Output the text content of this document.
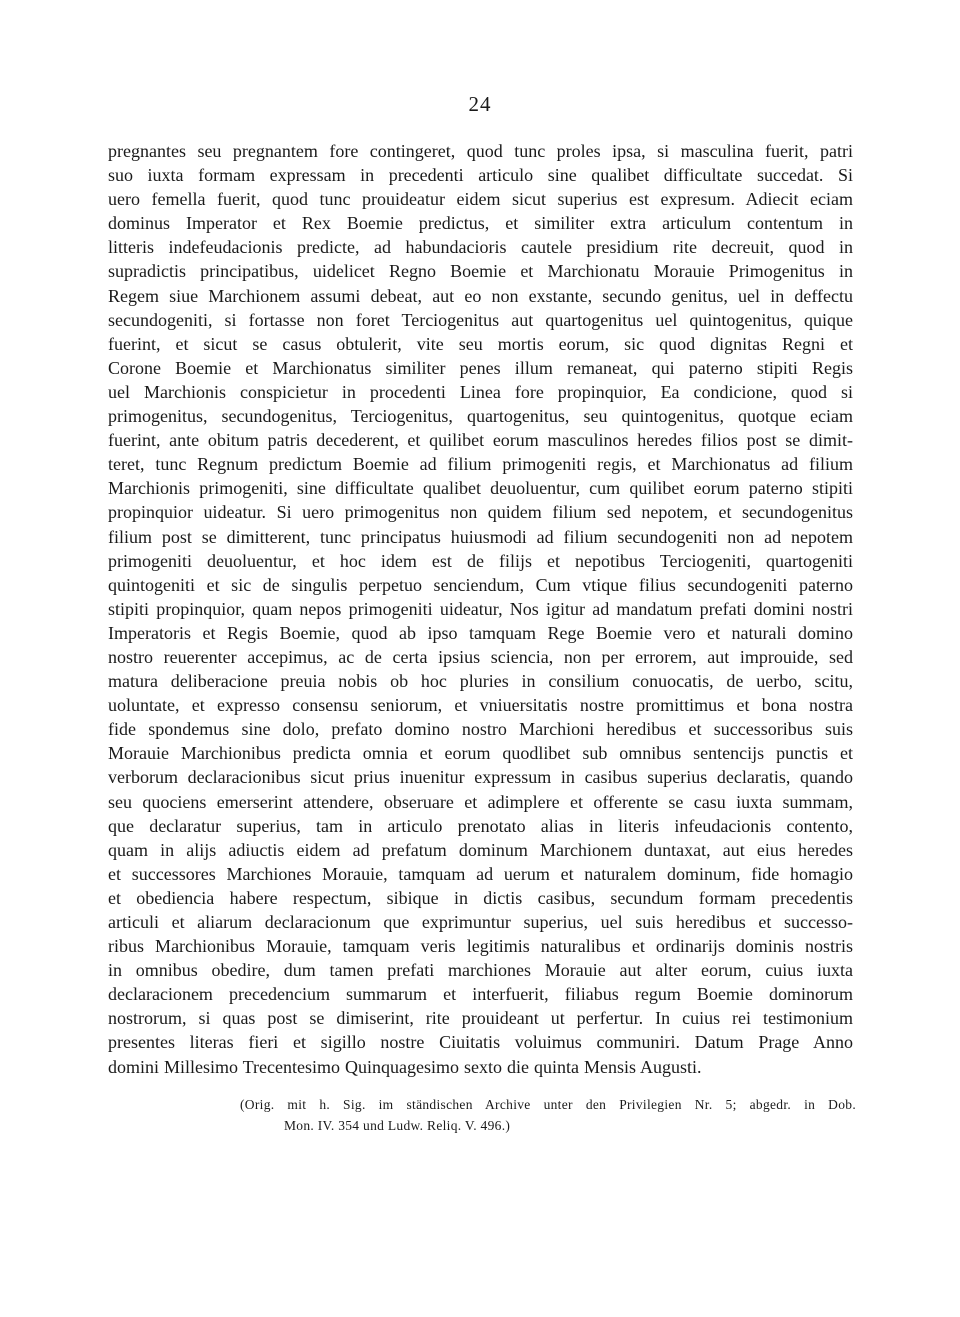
24
pregnantes seu pregnantem fore contingeret, quod tunc proles ipsa, si masculina fuerit, patri
suo iuxta formam expressam in precedenti articulo sine qualibet difficultate succedat. Si
uero femella fuerit, quod tunc prouideatur eidem sicut superius est expresum. Adiecit eciam
dominus Imperator et Rex Boemie predictus, et similiter extra articulum contentum in
litteris indefeudacionis predicte, ad habundacioris cautele presidium rite decreuit, quod in
supradictis principatibus, uidelicet Regno Boemie et Marchionatu Morauie Primogenitus in
Regem siue Marchionem assumi debeat, aut eo non exstante, secundo genitus, uel in deffectu
secundogeniti, si fortasse non foret Terciogenitus aut quartogenitus uel quintogenitus, quique
fuerint, et sicut se casus obtulerit, vite seu mortis eorum, sic quod dignitas Regni et
Corone Boemie et Marchionatus similiter penes illum remaneat, qui paterno stipiti Regis
uel Marchionis conspicietur in procedenti Linea fore propinquior, Ea condicione, quod si
primogenitus, secundogenitus, Terciogenitus, quartogenitus, seu quintogenitus, quotque eciam
fuerint, ante obitum patris decederent, et quilibet eorum masculinos heredes filios post se dimit-
teret, tunc Regnum predictum Boemie ad filium primogeniti regis, et Marchionatus ad filium
Marchionis primogeniti, sine difficultate qualibet deuoluentur, cum quilibet eorum paterno stipiti
propinquior uideatur. Si uero primogenitus non quidem filium sed nepotem, et secundogenitus
filium post se dimitterent, tunc principatus huiusmodi ad filium secundogeniti non ad nepotem
primogeniti deuoluentur, et hoc idem est de filijs et nepotibus Terciogeniti, quartogeniti
quintogeniti et sic de singulis perpetuo senciendum, Cum vtique filius secundogeniti paterno
stipiti propinquior, quam nepos primogeniti uideatur, Nos igitur ad mandatum prefati domini nostri
Imperatoris et Regis Boemie, quod ab ipso tamquam Rege Boemie vero et naturali domino
nostro reuerenter accepimus, ac de certa ipsius sciencia, non per errorem, aut improuide, sed
matura deliberacione preuia nobis ob hoc pluries in consilium conuocatis, de uerbo, scitu,
uoluntate, et expresso consensu seniorum, et vniuersitatis nostre promittimus et bona nostra
fide spondemus sine dolo, prefato domino nostro Marchioni heredibus et successoribus suis
Morauie Marchionibus predicta omnia et eorum quodlibet sub omnibus sentencijs punctis et
verborum declaracionibus sicut prius inuenitur expressum in casibus superius declaratis, quando
seu quociens emerserint attendere, obseruare et adimplere et offerente se casu iuxta summam,
que declaratur superius, tam in articulo prenotato alias in literis infeudacionis contento,
quam in alijs adiuctis eidem ad prefatum dominum Marchionem duntaxat, aut eius heredes
et successores Marchiones Morauie, tamquam ad uerum et naturalem dominum, fide homagio
et obediencia habere respectum, sibique in dictis casibus, secundum formam precedentis
articuli et aliarum declaracionum que exprimuntur superius, uel suis heredibus et successo-
ribus Marchionibus Morauie, tamquam veris legitimis naturalibus et ordinarijs dominis nostris
in omnibus obedire, dum tamen prefati marchiones Morauie aut alter eorum, cuius iuxta
declaracionem precedencium summarum et interfuerit, filiabus regum Boemie dominorum
nostrorum, si quas post se dimiserint, rite prouideant ut perfertur. In cuius rei testimonium
presentes literas fieri et sigillo nostre Ciuitatis voluimus communiri. Datum Prage Anno
domini Millesimo Trecentesimo Quinquagesimo sexto die quinta Mensis Augusti.
(Orig. mit h. Sig. im ständischen Archive unter den Privilegien Nr. 5; abgedr. in Dob.
Mon. IV. 354 und Ludw. Reliq. V. 496.)
